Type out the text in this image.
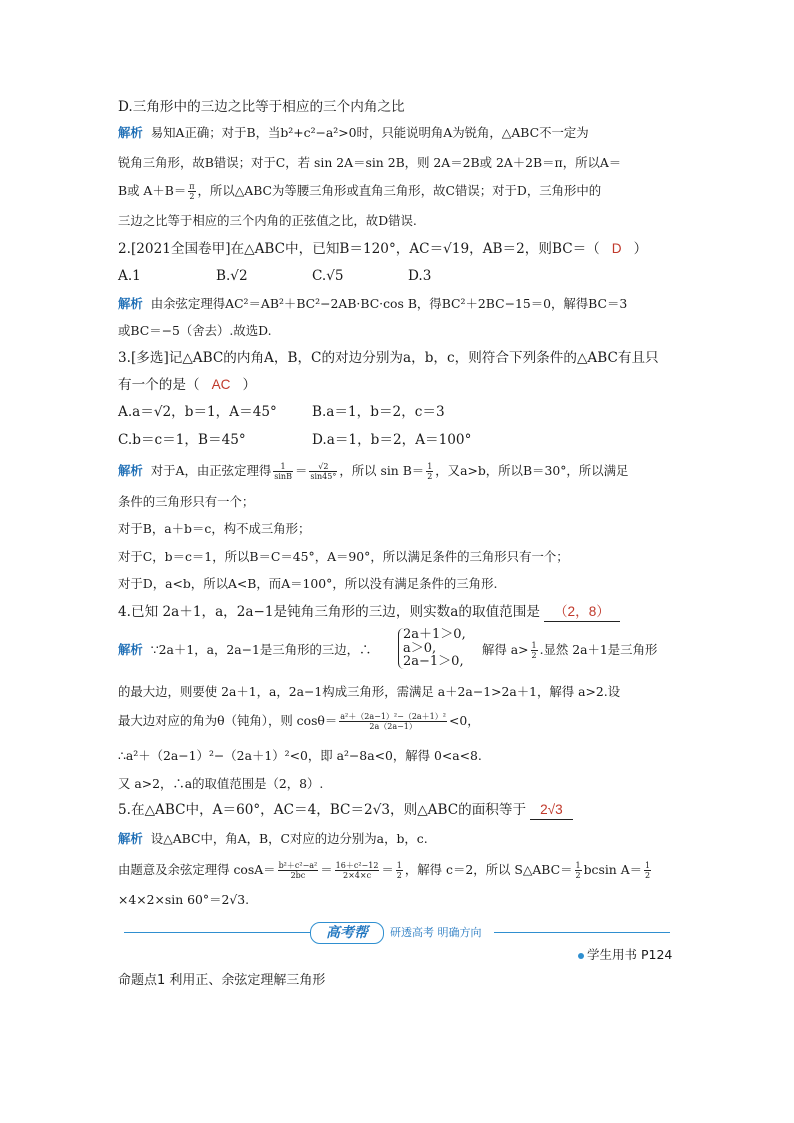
D.三角形中的三边之比等于相应的三个内角之比
解析 易知A正确；对于B，当b²+c²−a²>0时，只能说明角A为锐角，△ABC不一定为
锐角三角形，故B错误；对于C，若 sin 2A＝sin 2B，则 2A＝2B或 2A＋2B＝π，所以A＝
B或 $A+B= \frac{\pi}{2}$ ，所以△ABC为等腰三角形或直角三角形，故C错误；对于D，三角形中的
三边之比等于相应的三个内角的正弦值之比，故D错误.
2.[2021全国卷甲]在△ABC中，已知B＝120°，AC＝√19，AB＝2，则BC＝（ D ）
A.1	B.√2	C.√5	D.3
解析 由余弦定理得AC²＝AB²＋BC²−2AB·BC·cos B，得BC²＋2BC−15＝0，解得BC＝3
或BC＝−5（舍去）.故选D.
3.[多选]记△ABC的内角A，B，C的对边分别为a，b，c，则符合下列条件的△ABC有且只
有一个的是（ AC ）
A.a＝√2，b＝1，A＝45°	B.a＝1，b＝2，c＝3
C.b＝c＝1，B＝45°	D.a＝1，b＝2，A＝100°
解析 对于A，由正弦定理得 $\frac{1}{\sin B} = \frac{√2}{\sin 45^\circ}$ ，所以 $\sin B= \frac{1}{2}$ ，又a>b，所以B＝30°，所以满足
条件的三角形只有一个；
对于B，a＋b＝c，构不成三角形；
对于C，b＝c＝1，所以B＝C＝45°，A＝90°，所以满足条件的三角形只有一个；
对于D，a<b，所以A<B，而A＝100°，所以没有满足条件的三角形.
4.已知 2a＋1，a，2a−1是钝角三角形的三边，则实数a的取值范围是 （2，8）
解析 ∵2a＋1，a，2a−1是三角形的三边，∴
2a＋1＞0,
a＞0,
2a−1＞0,
解得 $a> \frac{1}{2}$ .显然 2a＋1是三角形
的最大边，则要使 2a＋1，a，2a−1构成三角形，需满足 a＋2a−1>2a＋1，解得 a>2.设
最大边对应的角为θ（钝角），则 $\cos\theta= \frac{\text{a²＋（2a−1）²−（2a＋1）²}}{2a(2a-1)} <0$，
∴a²＋（2a−1）²−（2a＋1）²<0，即 a²−8a<0，解得 0<a<8.
又 a>2，∴a的取值范围是（2，8）.
5.在△ABC中，A＝60°，AC＝4，BC＝2√3，则△ABC的面积等于 2√3
解析 设△ABC中，角A，B，C对应的边分别为a，b，c.
由题意及余弦定理得 $\cos A= \frac{\text{b²＋c²−a²}}{2bc} = \frac{\text{16＋c²−12}}{2\times 4\times c} = \frac{1}{2}$ ，解得 c＝2，所以 S△ABC＝ $\frac{1}{2}$ bcsin $A= \frac{1}{2}$
×4×2×sin 60°＝2√3.
高考帮	研透高考 明确方向
学生用书 P124
命题点1 利用正、余弦定理解三角形
